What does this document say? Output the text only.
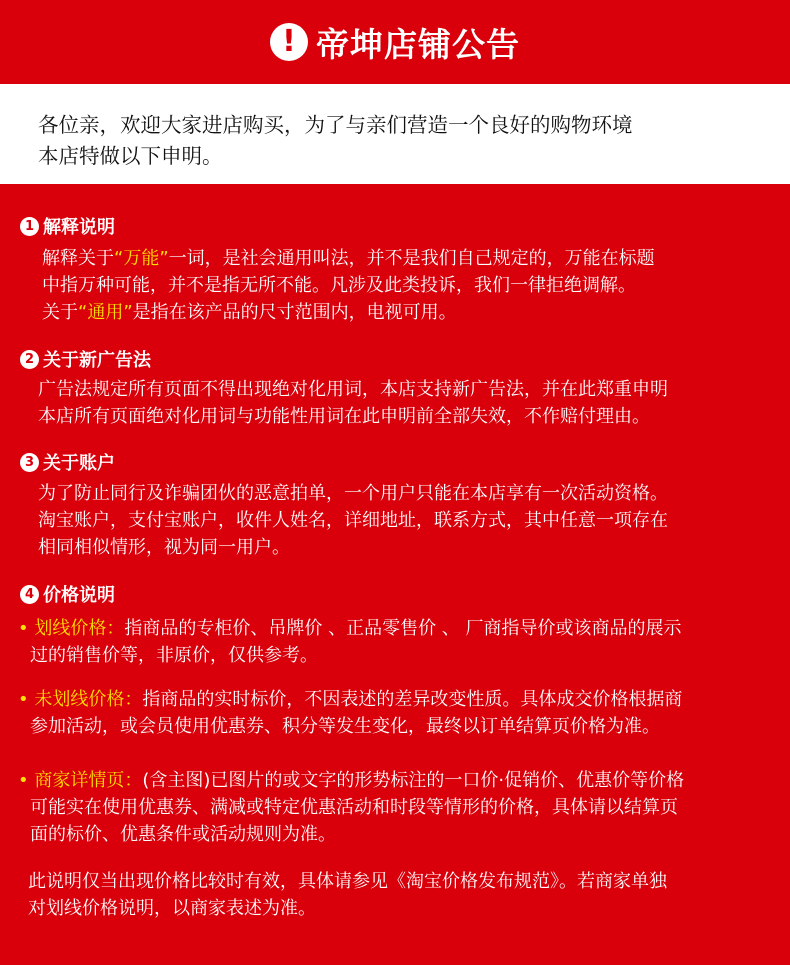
! 帝坤店铺公告

各位亲，欢迎大家进店购买，为了与亲们营造一个良好的购物环境

本店特做以下申明。

1 解释说明

解释关于“万能”一词，是社会通用叫法，并不是我们自己规定的，万能在标题

中指万种可能，并不是指无所不能。凡涉及此类投诉，我们一律拒绝调解。

关于“通用”是指在该产品的尺寸范围内，电视可用。

2 关于新广告法

广告法规定所有页面不得出现绝对化用词，本店支持新广告法，并在此郑重申明

本店所有页面绝对化用词与功能性用词在此申明前全部失效，不作赔付理由。

3 关于账户

为了防止同行及诈骗团伙的恶意拍单，一个用户只能在本店享有一次活动资格。

淘宝账户，支付宝账户，收件人姓名，详细地址，联系方式，其中任意一项存在

相同相似情形，视为同一用户。

4 价格说明

• 划线价格：指商品的专柜价、吊牌价 、正品零售价 、 厂商指导价或该商品的展示

过的销售价等，非原价，仅供参考。

• 未划线价格：指商品的实时标价，不因表述的差异改变性质。具体成交价格根据商

参加活动，或会员使用优惠券、积分等发生变化，最终以订单结算页价格为准。

• 商家详情页：(含主图)已图片的或文字的形势标注的一口价·促销价、优惠价等价格

可能实在使用优惠券、满减或特定优惠活动和时段等情形的价格，具体请以结算页

面的标价、优惠条件或活动规则为准。

此说明仅当出现价格比较时有效，具体请参见《淘宝价格发布规范》。若商家单独

对划线价格说明，以商家表述为准。
